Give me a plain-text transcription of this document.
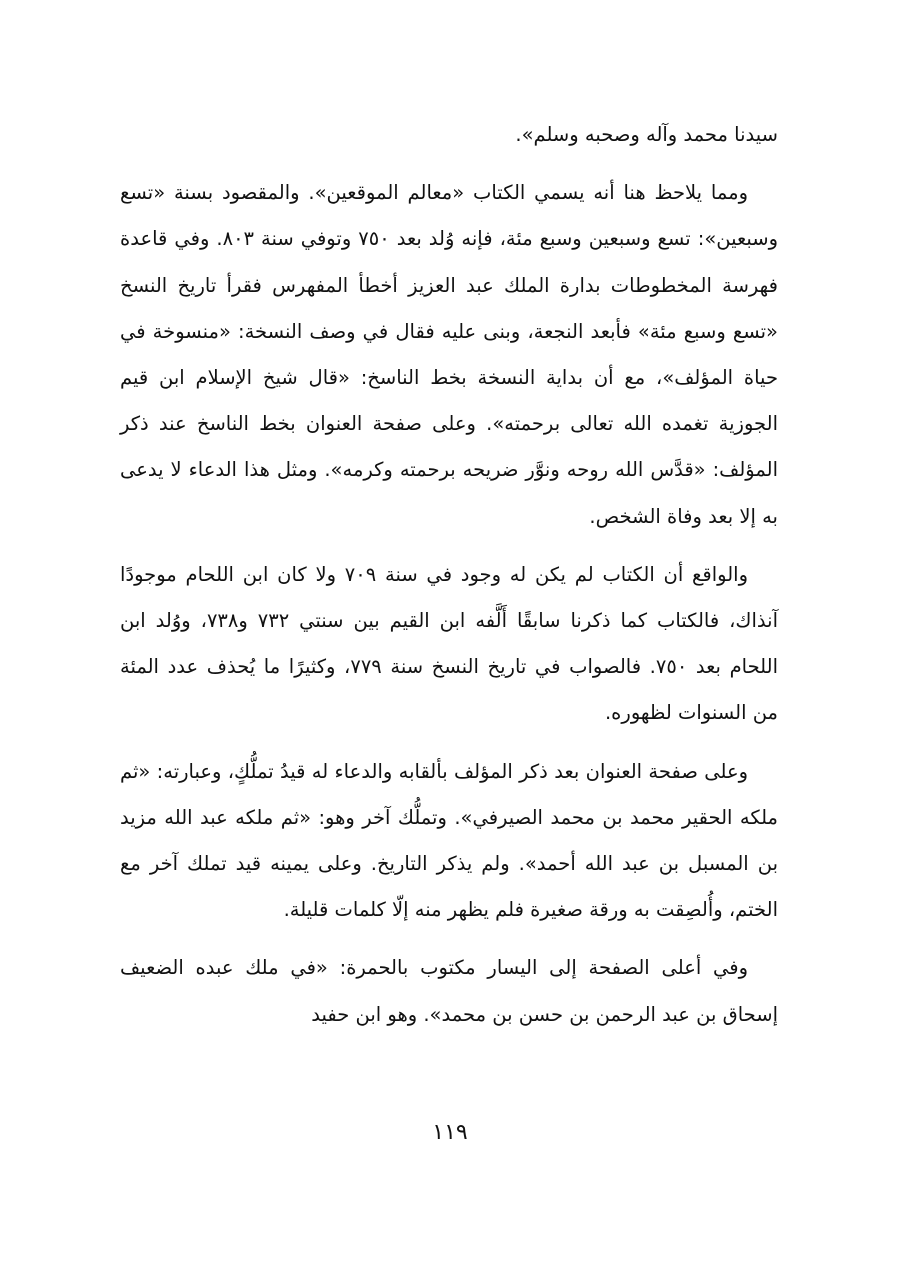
سيدنا محمد وآله وصحبه وسلم».

ومما يلاحظ هنا أنه يسمي الكتاب «معالم الموقعين». والمقصود بسنة «تسع وسبعين»: تسع وسبعين وسبع مئة، فإنه وُلد بعد ٧٥٠ وتوفي سنة ٨٠٣. وفي قاعدة فهرسة المخطوطات بدارة الملك عبد العزيز أخطأ المفهرس فقرأ تاريخ النسخ «تسع وسبع مئة» فأبعد النجعة، وبنى عليه فقال في وصف النسخة: «منسوخة في حياة المؤلف»، مع أن بداية النسخة بخط الناسخ: «قال شيخ الإسلام ابن قيم الجوزية تغمده الله تعالى برحمته». وعلى صفحة العنوان بخط الناسخ عند ذكر المؤلف: «قدَّس الله روحه ونوَّر ضريحه برحمته وكرمه». ومثل هذا الدعاء لا يدعى به إلا بعد وفاة الشخص.

والواقع أن الكتاب لم يكن له وجود في سنة ٧٠٩ ولا كان ابن اللحام موجودًا آنذاك، فالكتاب كما ذكرنا سابقًا أَلَّفه ابن القيم بين سنتي ٧٣٢ و٧٣٨، ووُلد ابن اللحام بعد ٧٥٠. فالصواب في تاريخ النسخ سنة ٧٧٩، وكثيرًا ما يُحذف عدد المئة من السنوات لظهوره.

وعلى صفحة العنوان بعد ذكر المؤلف بألقابه والدعاء له قيدُ تملُّكٍ، وعبارته: «ثم ملكه الحقير محمد بن محمد الصيرفي». وتملُّك آخر وهو: «ثم ملكه عبد الله مزيد بن المسبل بن عبد الله أحمد». ولم يذكر التاريخ. وعلى يمينه قيد تملك آخر مع الختم، وأُلصِقت به ورقة صغيرة فلم يظهر منه إلّا كلمات قليلة.

وفي أعلى الصفحة إلى اليسار مكتوب بالحمرة: «في ملك عبده الضعيف إسحاق بن عبد الرحمن بن حسن بن محمد». وهو ابن حفيد

١١٩
